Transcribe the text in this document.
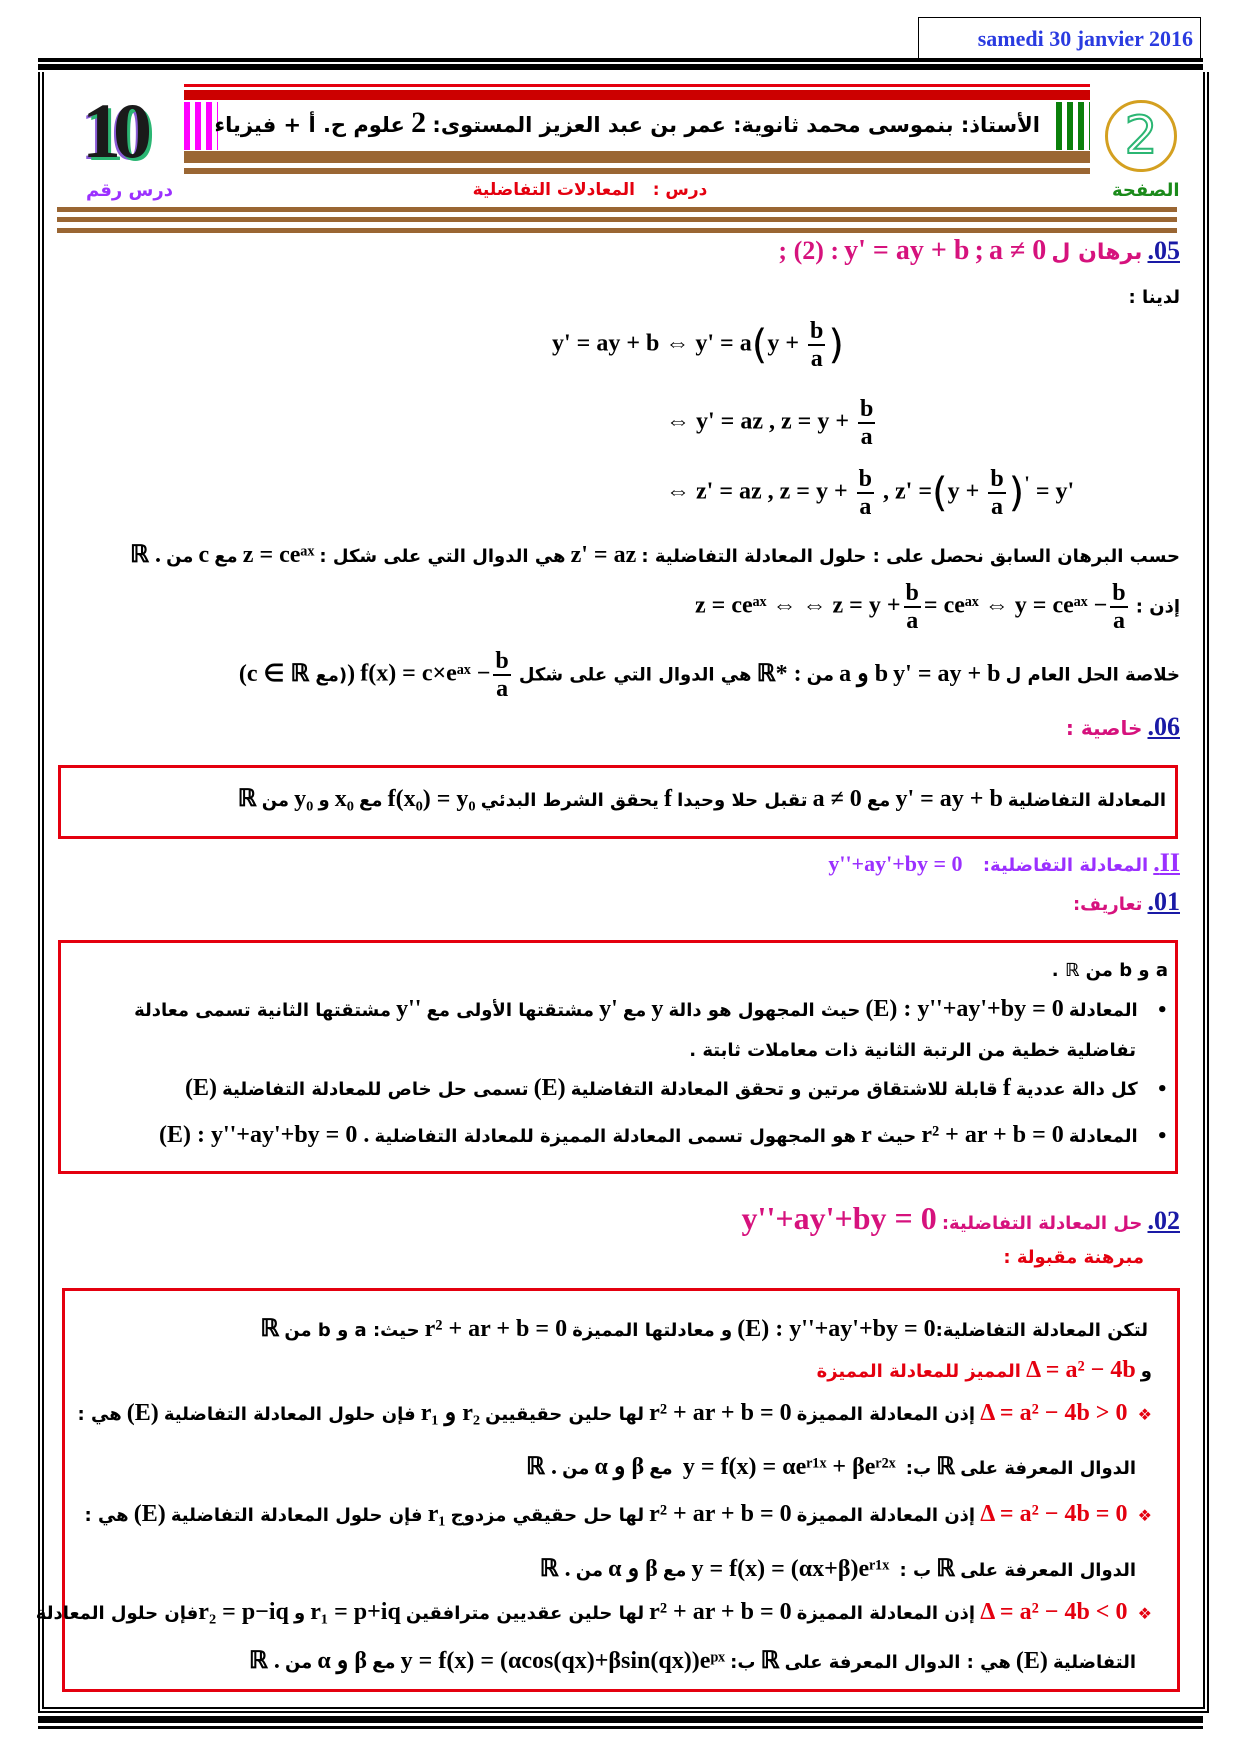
samedi 30 janvier 2016
10
درس رقم
الأستاذ: بنموسى محمد ثانوية: عمر بن عبد العزيز المستوى: 2 علوم ح. أ + فيزياء	2
الصفحة
درس :   المعادلات التفاضلية
05. برهان ل a ≠ 0 ; y' = ay + b ; (2) :
لدينا :
y' = ay + b ⇔ $y' = a(y + \frac{b}{a}$ )
⇔ y' = az , $z = y + \frac{b}{a}$
⇔ z' = az , $z = y + \frac{b}{a}$ , $z' =(y + \frac{b}{a} )' = y'$
حسب البرهان السابق نحصل على : حلول المعادلة التفاضلية : z' = az هي الدوال التي على شكل : z = ceᵃˣ مع c من ℝ .
إذن : z = ceᵃˣ ⇔ ⇔ $z = y + \frac{b}{a}$ = ceᵃˣ ⇔ y = ceᵃˣ − $\frac{b}{a}$
خلاصة الحل العام ل y' = ay + b a و b من ℝ* : هي الدوال التي على شكل f(x) = c×eᵃˣ − $\frac{b}{a}$
(c ∈ ℝ مع))
06. خاصية :
المعادلة التفاضلية y' = ay + b مع a ≠ 0 تقبل حلا وحيدا f يحقق الشرط البدئي f(x₀) = y₀ مع x₀ و y₀ من ℝ
II. المعادلة التفاضلية:    y''+ay'+by = 0
01. تعاريف:
a و b من ℝ .
•   المعادلة (E) : y''+ay'+by = 0 حيث المجهول هو دالة y مع y' مشتقتها الأولى مع y'' مشتقتها الثانية تسمى معادلة
تفاضلية خطية من الرتبة الثانية ذات معاملات ثابتة .
•   كل دالة عددية f قابلة للاشتقاق مرتين و تحقق المعادلة التفاضلية (E) تسمى حل خاص للمعادلة التفاضلية (E)
•   المعادلة r² + ar + b = 0 حيث r هو المجهول تسمى المعادلة المميزة للمعادلة التفاضلية (E) : y''+ay'+by = 0 .
02. حل المعادلة التفاضلية: y''+ay'+by = 0
مبرهنة مقبولة :
لتكن المعادلة التفاضلية:(E) : y''+ay'+by = 0 و معادلتها المميزة r² + ar + b = 0 حيث: a و b من ℝ
و Δ = a² − 4b المميز للمعادلة المميزة
❖  Δ = a² − 4b > 0 إذن المعادلة المميزة r² + ar + b = 0 لها حلين حقيقيين r₁ و r₂ فإن حلول المعادلة التفاضلية (E) هي :
الدوال المعرفة على ℝ ب:  y = f(x) = αeʳ¹ˣ + βeʳ²ˣ  مع α و β من ℝ .
❖  Δ = a² − 4b = 0 إذن المعادلة المميزة r² + ar + b = 0 لها حل حقيقي مزدوج r₁ فإن حلول المعادلة التفاضلية (E) هي :
الدوال المعرفة على ℝ ب :  y = f(x) = (αx+β)eʳ¹ˣ مع α و β من ℝ .
❖  Δ = a² − 4b < 0 إذن المعادلة المميزة r² + ar + b = 0 لها حلين عقديين مترافقين r₁ = p+iq و r₂ = p−iqفإن حلول المعادلة
التفاضلية (E) هي : الدوال المعرفة على ℝ ب: y = f(x) = (αcos(qx)+βsin(qx))eᵖˣ مع α و β من ℝ .
